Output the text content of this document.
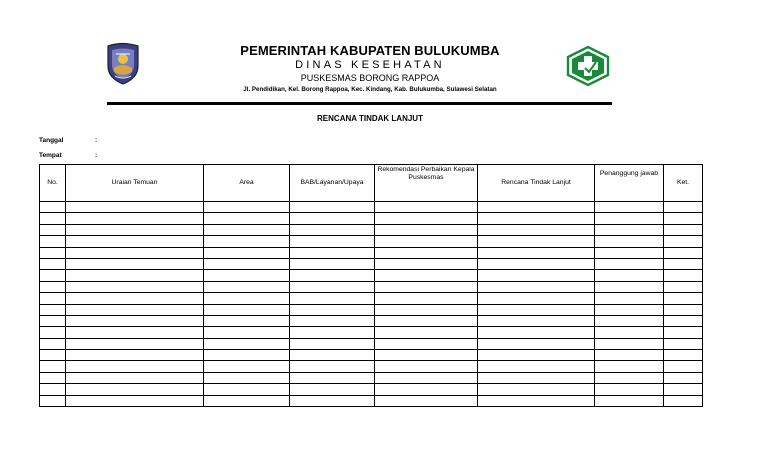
PEMERINTAH KABUPATEN BULUKUMBA
DINAS KESEHATAN
PUSKESMAS BORONG RAPPOA
Jl. Pendidikan, Kel. Borong Rappoa, Kec. Kindang, Kab. Bulukumba, Sulawesi Selatan
RENCANA TINDAK LANJUT
Tanggal	:
Tempat	:
No.	Uraian Temuan	Area	BAB/Layanan/Upaya	Rekomendasi Perbaikan Kepala Puskesmas	Rencana Tindak Lanjut	Penanggung jawab	Ket.
